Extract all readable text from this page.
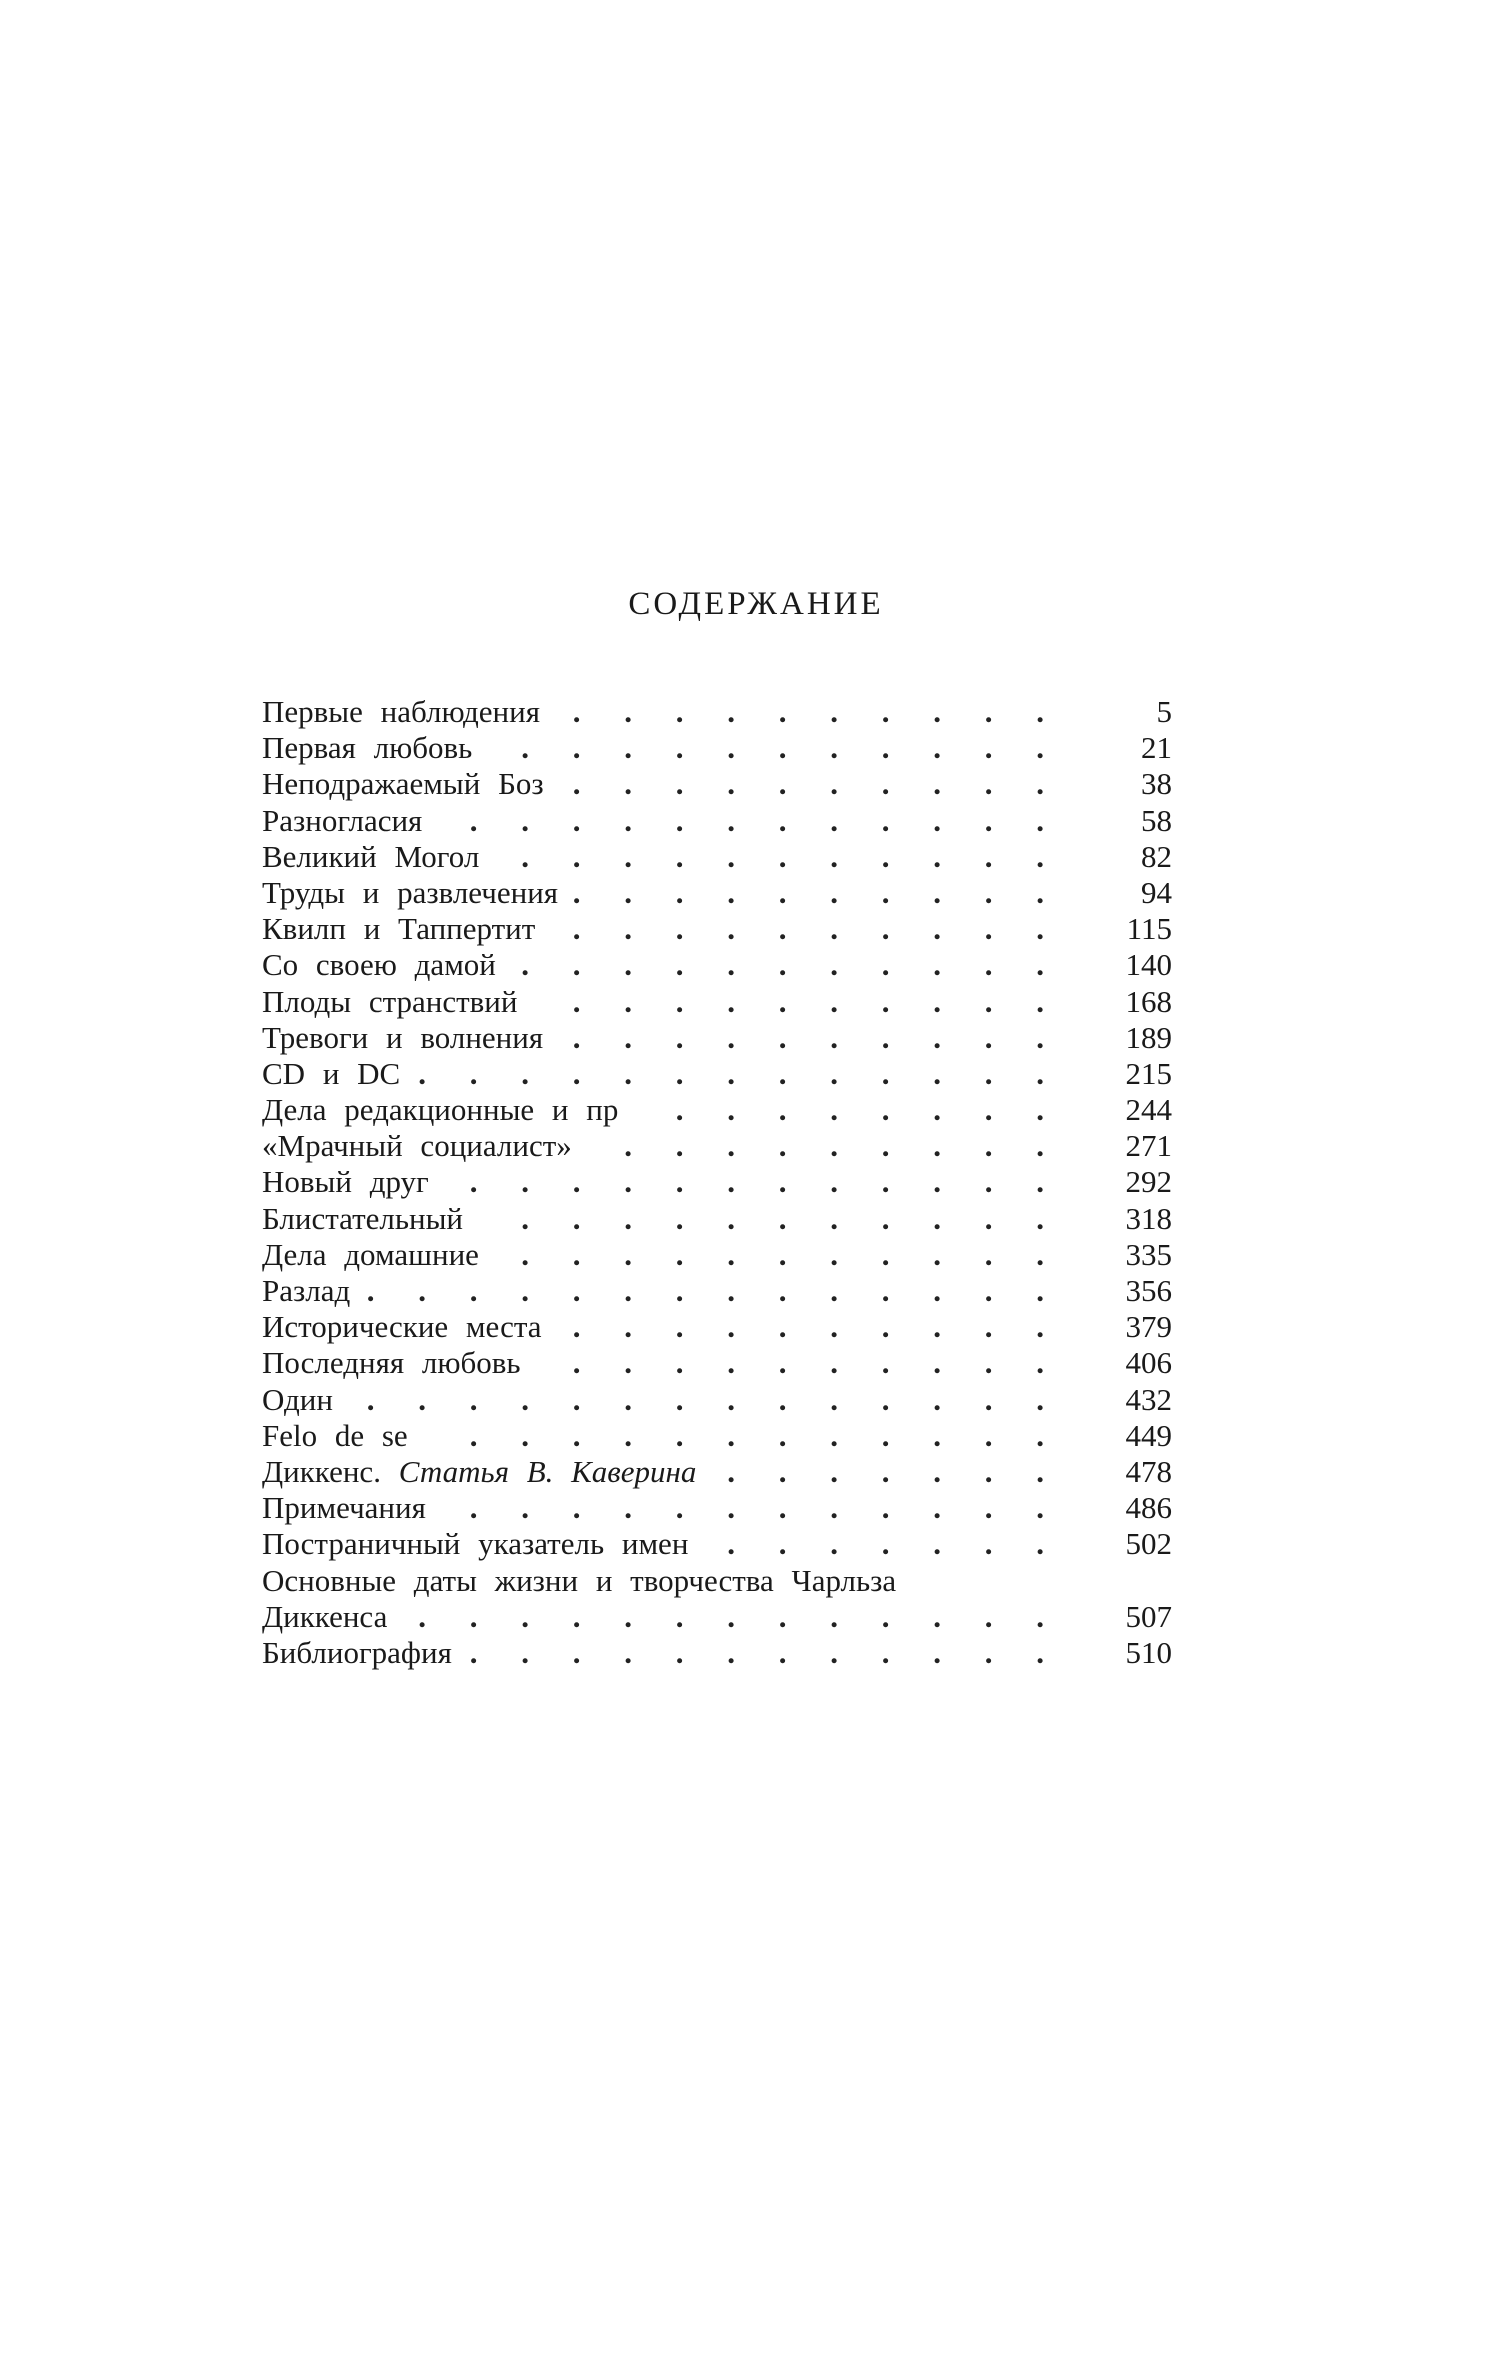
СОДЕРЖАНИЕ
Первые наблюдения . . . . . . . . . .	5
Первая любовь . . . . . . . . . . .	21
Неподражаемый Боз . . . . . . . . . .	38
Разногласия . . . . . . . . . . . .	58
Великий Могол . . . . . . . . . . .	82
Труды и развлечения . . . . . . . . . .	94
Квилп и Таппертит . . . . . . . . . .	115
Со своею дамой . . . . . . . . . . .	140
Плоды странствий . . . . . . . . . .	168
Тревоги и волнения . . . . . . . . . .	189
CD и DC . . . . . . . . . . . . .	215
Дела редакционные и пр . . . . . . . .	244
«Мрачный социалист» . . . . . . . . .	271
Новый друг . . . . . . . . . . . .	292
Блистательный . . . . . . . . . . .	318
Дела домашние . . . . . . . . . . .	335
Разлад . . . . . . . . . . . . . .	356
Исторические места . . . . . . . . . .	379
Последняя любовь . . . . . . . . . .	406
Один . . . . . . . . . . . . . .	432
Felo de se . . . . . . . . . . . .	449
Диккенс. Статья В. Каверина . . . . . . .	478
Примечания . . . . . . . . . . . .	486
Постраничный указатель имен . . . . . . .	502
Основные даты жизни и творчества Чарльза
Диккенса . . . . . . . . . . . . .	507
Библиография . . . . . . . . . . . .	510
